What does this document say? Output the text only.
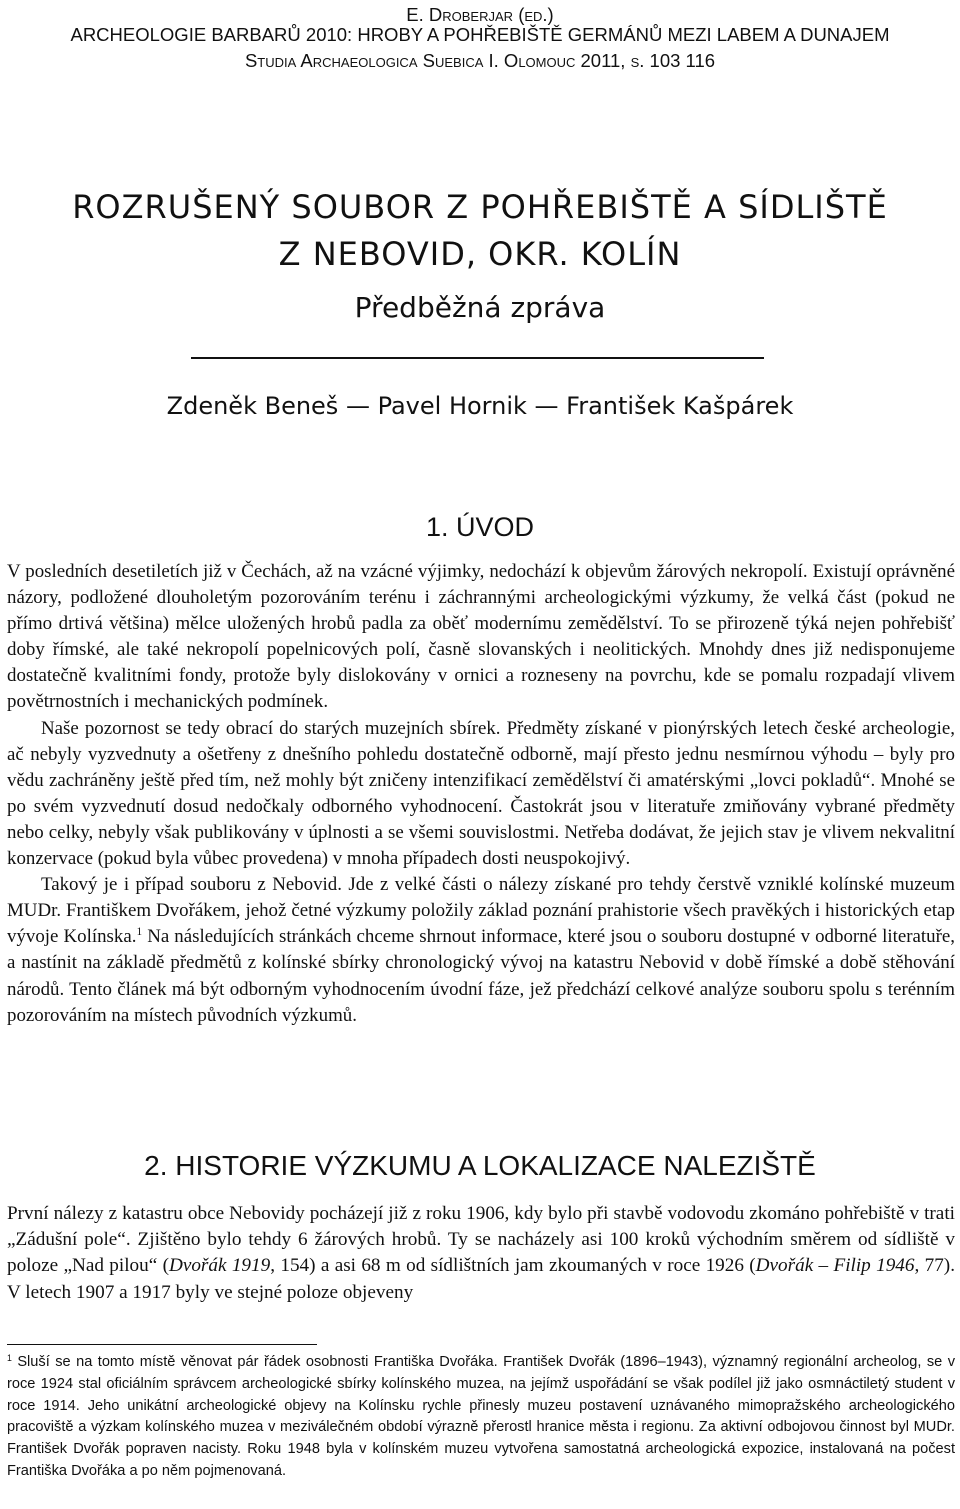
E. Droberjar (ed.)
ARCHEOLOGIE BARBARŮ 2010: HROBY A POHŘEBIŠTĚ GERMÁNŮ MEZI LABEM A DUNAJEM
Studia Archaeologica Suebica I. Olomouc 2011, s. 103 116
ROZRUŠENÝ SOUBOR Z POHŘEBIŠTĚ A SÍDLIŠTĚ
Z NEBOVID, OKR. KOLÍN
Předběžná zpráva
Zdeněk Beneš — Pavel Hornik — František Kašpárek
1. ÚVOD

V posledních desetiletích již v Čechách, až na vzácné výjimky, nedochází k objevům žárových nekropolí. Existují oprávněné názory, podložené dlouholetým pozorováním terénu i záchrannými archeologickými výzkumy, že velká část (pokud ne přímo drtivá většina) mělce uložených hrobů padla za oběť modernímu zemědělství. To se přirozeně týká nejen pohřebišť doby římské, ale také nekropolí popelnicových polí, časně slovanských i neolitických. Mnohdy dnes již nedisponujeme dostatečně kvalitními fondy, protože byly dislokovány v ornici a rozneseny na povrchu, kde se pomalu rozpadají vlivem povětrnostních i mechanických podmínek.

Naše pozornost se tedy obrací do starých muzejních sbírek. Předměty získané v pionýrských letech české archeologie, ač nebyly vyzvednuty a ošetřeny z dnešního pohledu dostatečně odborně, mají přesto jednu nesmírnou výhodu – byly pro vědu zachráněny ještě před tím, než mohly být zničeny intenzifikací zemědělství či amatérskými „lovci pokladů“. Mnohé se po svém vyzvednutí dosud nedočkaly odborného vyhodnocení. Častokrát jsou v literatuře zmiňovány vybrané předměty nebo celky, nebyly však publikovány v úplnosti a se všemi souvislostmi. Netřeba dodávat, že jejich stav je vlivem nekvalitní konzervace (pokud byla vůbec provedena) v mnoha případech dosti neuspokojivý.

Takový je i případ souboru z Nebovid. Jde z velké části o nálezy získané pro tehdy čerstvě vzniklé kolínské muzeum MUDr. Františkem Dvořákem, jehož četné výzkumy položily základ poznání prahistorie všech pravěkých i historických etap vývoje Kolínska.$^1$ Na následujících stránkách chceme shrnout informace, které jsou o souboru dostupné v odborné literatuře, a nastínit na základě předmětů z kolínské sbírky chronologický vývoj na katastru Nebovid v době římské a době stěhování národů. Tento článek má být odborným vyhodnocením úvodní fáze, jež předchází celkové analýze souboru spolu s terénním pozorováním na místech původních výzkumů.

2. HISTORIE VÝZKUMU A LOKALIZACE NALEZIŠTĚ

První nálezy z katastru obce Nebovidy pocházejí již z roku 1906, kdy bylo při stavbě vodovodu zkománo pohřebiště v trati „Zádušní pole“. Zjištěno bylo tehdy 6 žárových hrobů. Ty se nacházely asi 100 kroků východním směrem od sídliště v poloze „Nad pilou“ (Dvořák 1919, 154) a asi 68 m od sídlištních jam zkoumaných v roce 1926 (Dvořák – Filip 1946, 77). V letech 1907 a 1917 byly ve stejné poloze objeveny

$^1$ Sluší se na tomto místě věnovat pár řádek osobnosti Františka Dvořáka. František Dvořák (1896–1943), významný regionální archeolog, se v roce 1924 stal oficiálním správcem archeologické sbírky kolínského muzea, na jejímž uspořádání se však podílel již jako osmnáctiletý student v roce 1914. Jeho unikátní archeologické objevy na Kolínsku rychle přinesly muzeu postavení uznávaného mimopražského archeologického pracoviště a výzkam kolínského muzea v meziválečném období výrazně přerostl hranice města i regionu. Za aktivní odbojovou činnost byl MUDr. František Dvořák popraven nacisty. Roku 1948 byla v kolínském muzeu vytvořena samostatná archeologická expozice, instalovaná na počest Františka Dvořáka a po něm pojmenovaná.
